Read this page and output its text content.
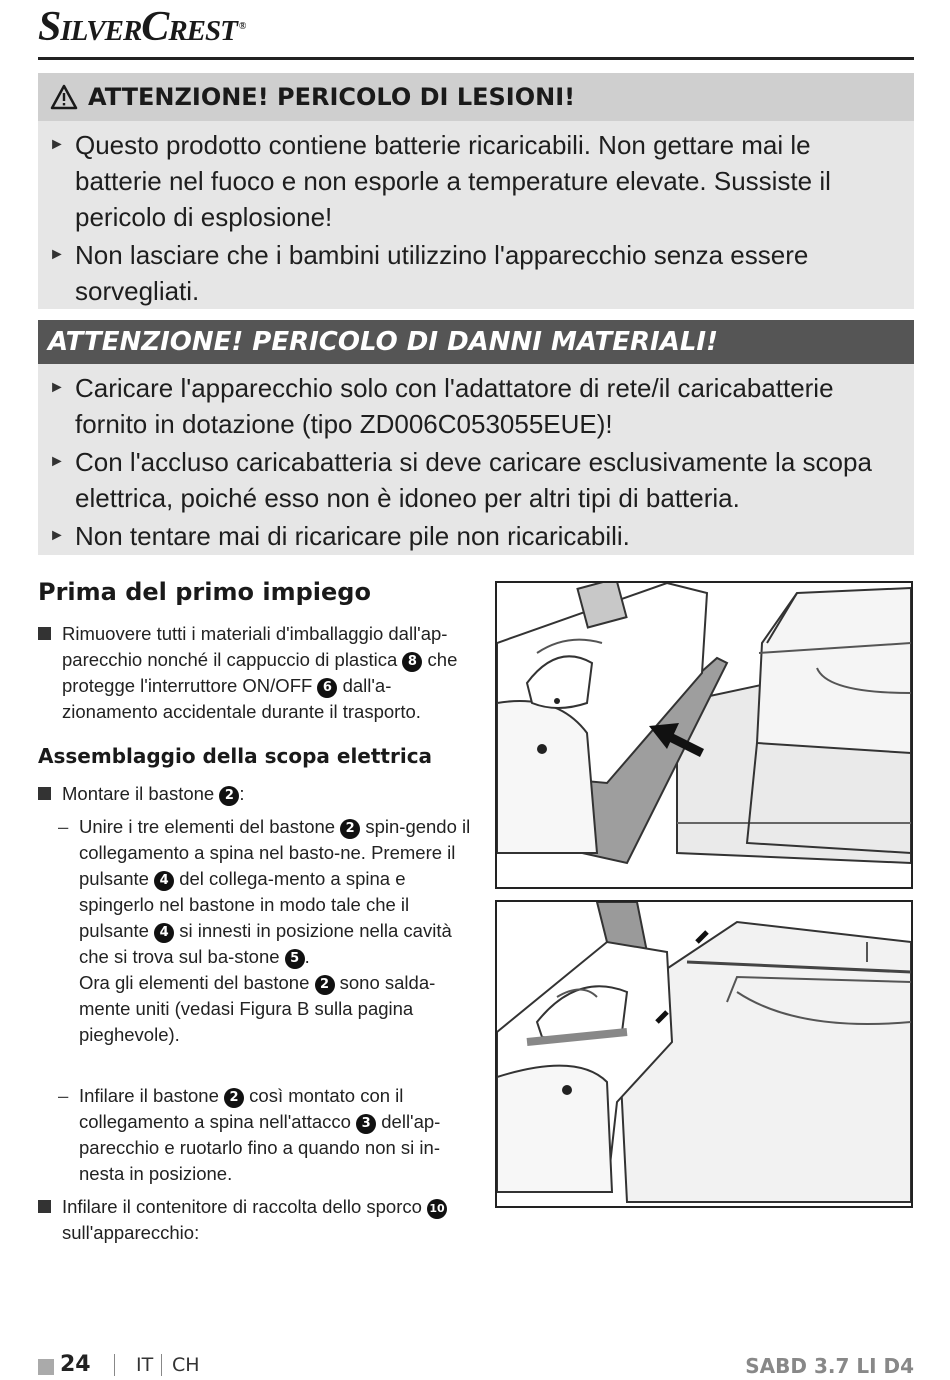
SilverCrest ®
ATTENZIONE! PERICOLO DI LESIONI!
► Questo prodotto contiene batterie ricaricabili. Non gettare mai le batterie nel fuoco e non esporle a temperature elevate. Sussiste il pericolo di esplosione!
► Non lasciare che i bambini utilizzino l'apparecchio senza essere sorvegliati.
ATTENZIONE! PERICOLO DI DANNI MATERIALI!
► Caricare l'apparecchio solo con l'adattatore di rete/il caricabatterie fornito in dotazione (tipo ZD006C053055EUE)!
► Con l'accluso caricabatteria si deve caricare esclusivamente la scopa elettrica, poiché esso non è idoneo per altri tipi di batteria.
► Non tentare mai di ricaricare pile non ricaricabili.
Prima del primo impiego
Rimuovere tutti i materiali d'imballaggio dall'ap-parecchio nonché il cappuccio di plastica 8 che protegge l'interruttore ON/OFF 6 dall'a-zionamento accidentale durante il trasporto.
Assemblaggio della scopa elettrica
Montare il bastone 2 :
– Unire i tre elementi del bastone 2 spin-gendo il collegamento a spina nel basto-ne. Premere il pulsante 4 del collega-mento a spina e spingerlo nel bastone in modo tale che il pulsante 4 si innesti in posizione nella cavità che si trova sul ba-stone 5 .
Ora gli elementi del bastone 2 sono salda-mente uniti (vedasi Figura B sulla pagina pieghevole).
– Infilare il bastone 2 così montato con il collegamento a spina nell'attacco 3 dell'ap-parecchio e ruotarlo fino a quando non si in-nesta in posizione.
Infilare il contenitore di raccolta dello sporco 10 sull'apparecchio:
24 IT CH	SABD 3.7 LI D4
